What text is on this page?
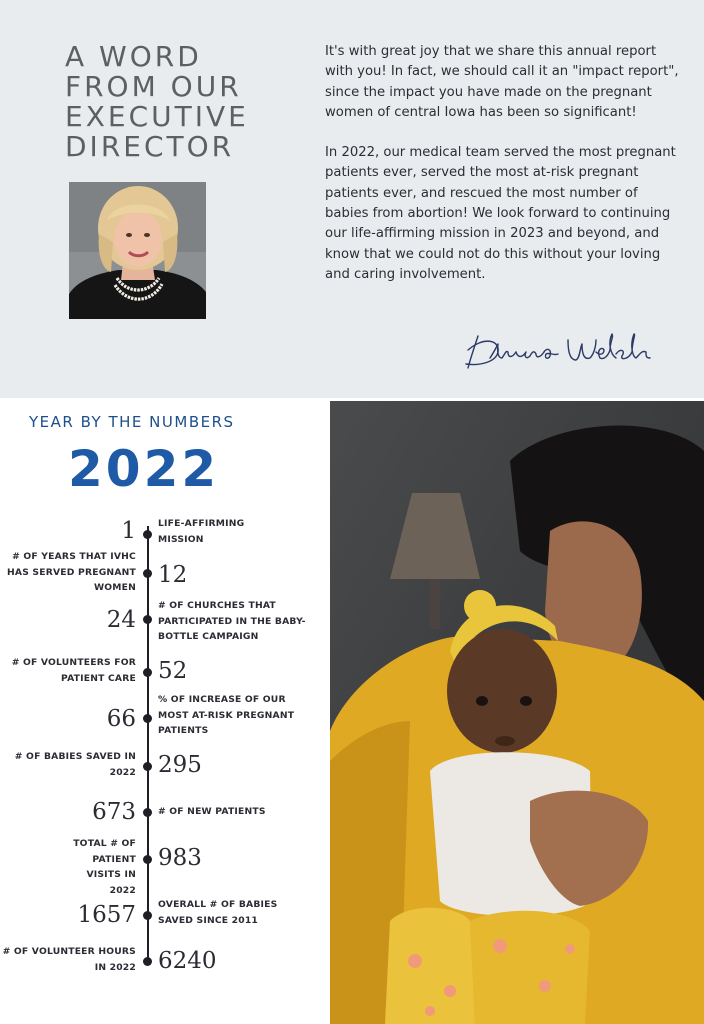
A WORD
FROM OUR
EXECUTIVE
DIRECTOR

It's with great joy that we share this annual report with you! In fact, we should call it an "impact report", since the impact you have made on the pregnant women of central Iowa has been so significant!

In 2022, our medical team served the most pregnant patients ever, served the most at-risk pregnant patients ever, and rescued the most number of babies from abortion! We look forward to continuing our life-affirming mission in 2023 and beyond, and know that we could not do this without your loving and caring involvement.

YEAR BY THE NUMBERS
2022
1 LIFE-AFFIRMING MISSION
# OF YEARS THAT IVHC HAS SERVED PREGNANT WOMEN 12
24
# OF CHURCHES THAT PARTICIPATED IN THE BABY-BOTTLE CAMPAIGN
# OF VOLUNTEERS FOR PATIENT CARE 52
66
% OF INCREASE OF OUR MOST AT-RISK PREGNANT PATIENTS
# OF BABIES SAVED IN 2022 295
673 # OF NEW PATIENTS
TOTAL # OF PATIENT VISITS IN 2022
983
1657 OVERALL # OF BABIES SAVED SINCE 2011
# OF VOLUNTEER HOURS IN 2022 6240
